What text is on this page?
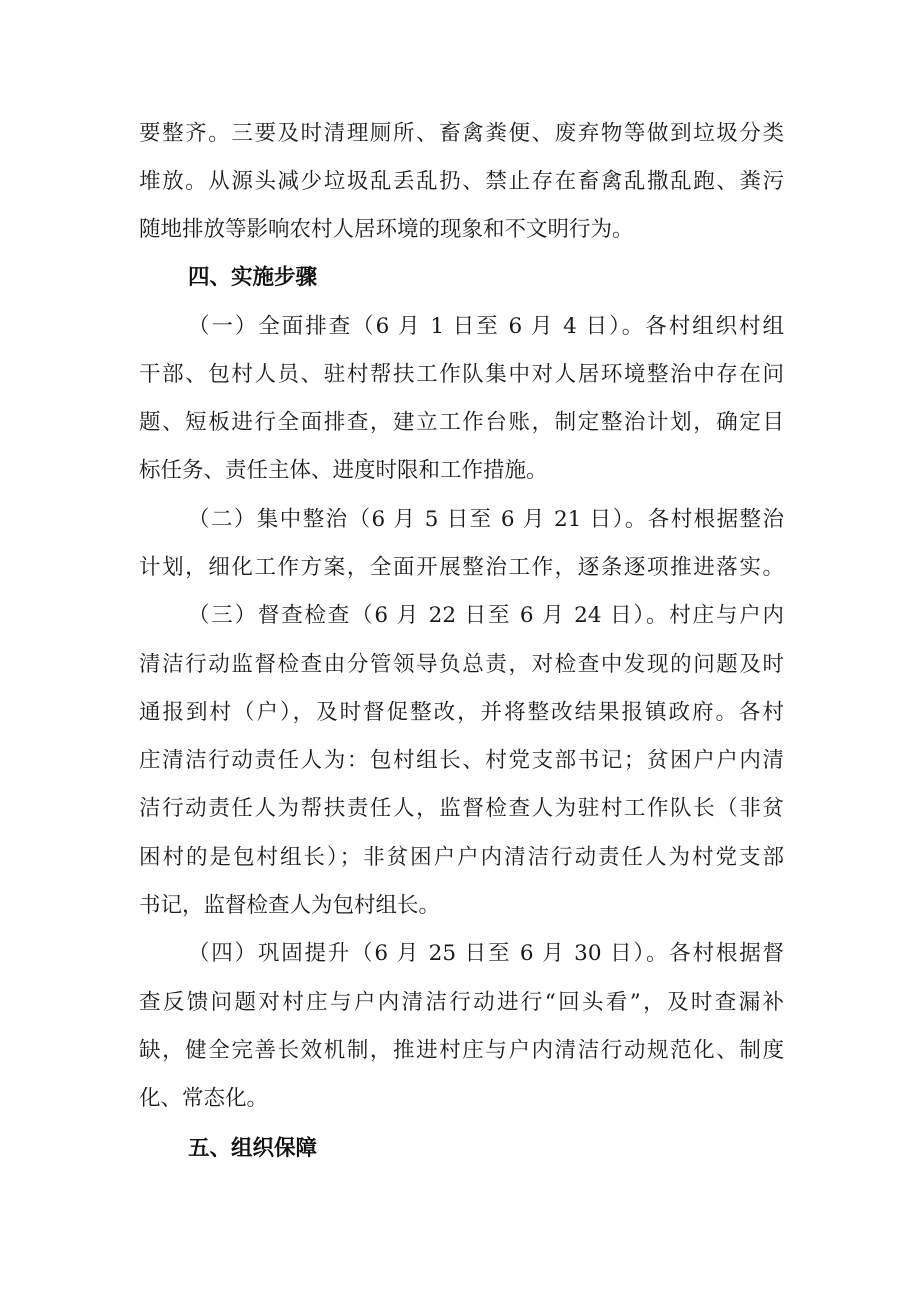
要整齐。三要及时清理厕所、畜禽粪便、废弃物等做到垃圾分类
堆放。从源头减少垃圾乱丢乱扔、禁止存在畜禽乱撒乱跑、粪污
随地排放等影响农村人居环境的现象和不文明行为。
四、实施步骤
（一）全面排查（6 月 1 日至 6 月 4 日）。各村组织村组
干部、包村人员、驻村帮扶工作队集中对人居环境整治中存在问
题、短板进行全面排查，建立工作台账，制定整治计划，确定目
标任务、责任主体、进度时限和工作措施。
（二）集中整治（6 月 5 日至 6 月 21 日）。各村根据整治
计划，细化工作方案，全面开展整治工作，逐条逐项推进落实。
（三）督查检查（6 月 22 日至 6 月 24 日）。村庄与户内
清洁行动监督检查由分管领导负总责，对检查中发现的问题及时
通报到村（户），及时督促整改，并将整改结果报镇政府。各村
庄清洁行动责任人为：包村组长、村党支部书记；贫困户户内清
洁行动责任人为帮扶责任人，监督检查人为驻村工作队长（非贫
困村的是包村组长）；非贫困户户内清洁行动责任人为村党支部
书记，监督检查人为包村组长。
（四）巩固提升（6 月 25 日至 6 月 30 日）。各村根据督
查反馈问题对村庄与户内清洁行动进行“回头看”，及时查漏补
缺，健全完善长效机制，推进村庄与户内清洁行动规范化、制度
化、常态化。
五、组织保障
